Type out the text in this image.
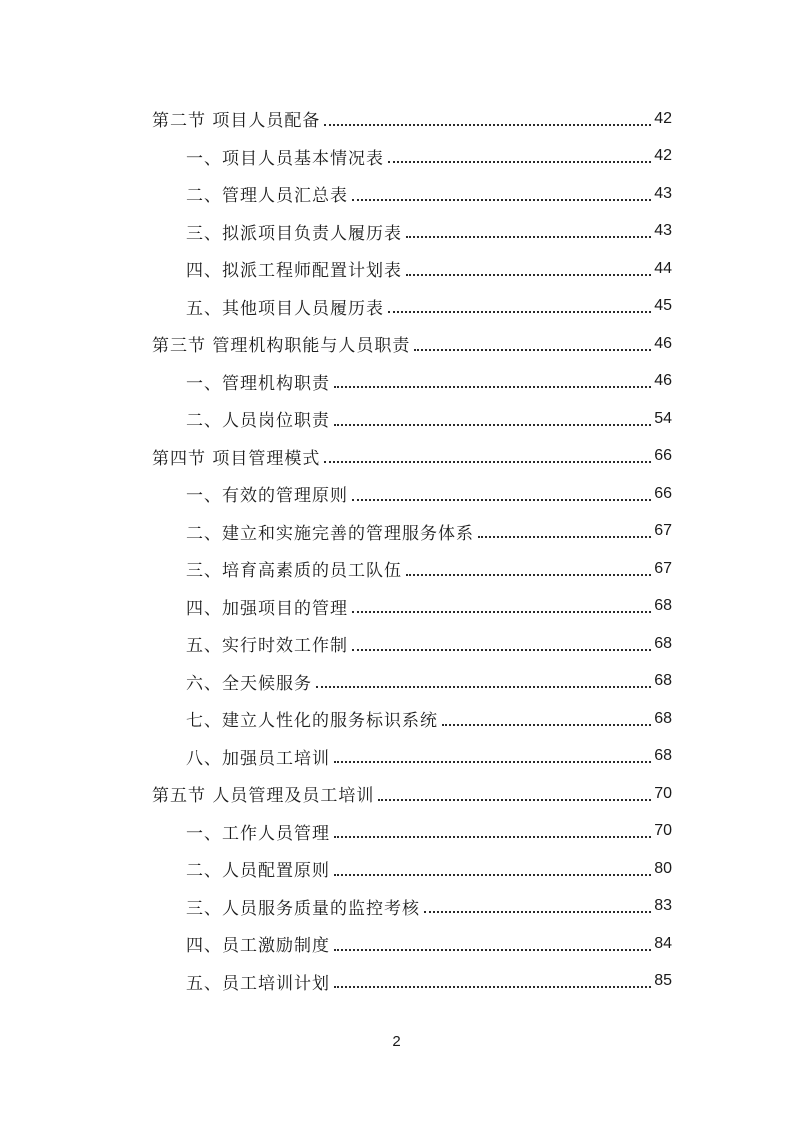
第二节 项目人员配备	42
一、项目人员基本情况表	42
二、管理人员汇总表	43
三、拟派项目负责人履历表	43
四、拟派工程师配置计划表	44
五、其他项目人员履历表	45
第三节 管理机构职能与人员职责	46
一、管理机构职责	46
二、人员岗位职责	54
第四节 项目管理模式	66
一、有效的管理原则	66
二、建立和实施完善的管理服务体系	67
三、培育高素质的员工队伍	67
四、加强项目的管理	68
五、实行时效工作制	68
六、全天候服务	68
七、建立人性化的服务标识系统	68
八、加强员工培训	68
第五节 人员管理及员工培训	70
一、工作人员管理	70
二、人员配置原则	80
三、人员服务质量的监控考核	83
四、员工激励制度	84
五、员工培训计划	85
2
